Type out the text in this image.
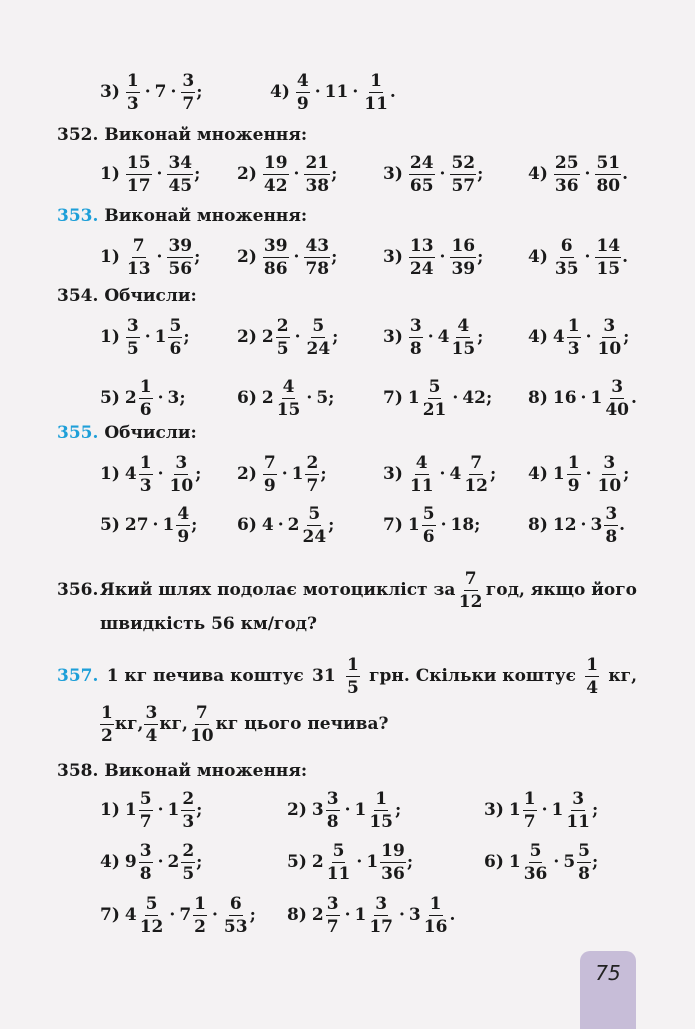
$3) \frac{1}{3} \cdot 7 \cdot \frac{3}{7}$ ;	$4) \frac{4}{9} \cdot 11 \cdot \frac{1}{11}$ .
352. Виконай множення:
$1) \frac{15}{17} \cdot \frac{34}{45}$ ; $2) \frac{19}{42} \cdot \frac{21}{38}$ ;	$3) \frac{24}{65} \cdot \frac{52}{57}$ ;	$4) \frac{25}{36} \cdot \frac{51}{80}$ .
353. Виконай множення:
$1) \frac{7}{13} \cdot \frac{39}{56}$ ; $2) \frac{39}{86} \cdot \frac{43}{78}$ ;	$3) \frac{13}{24} \cdot \frac{16}{39}$ ;	$4) \frac{6}{35} \cdot \frac{14}{15}$ .
354. Обчисли:
$1) \frac{3}{5} \cdot 1 \frac{5}{6}$ ;	2) $2 \frac{2}{5} \cdot \frac{5}{24}$ ;	$3) \frac{3}{8} \cdot 4 \frac{4}{15}$ ;	4) $4 \frac{1}{3} \cdot \frac{3}{10}$ ;
5) $2 \frac{1}{6} \cdot 3$;	6) $2 \frac{4}{15} \cdot 5$;	7) $1 \frac{5}{21} \cdot 42$; 8) $16 \cdot 1 \frac{3}{40}$ .
355. Обчисли:
1) $4 \frac{1}{3} \cdot \frac{3}{10}$ ; $2) \frac{7}{9} \cdot 1 \frac{2}{7}$ ;	$3) \frac{4}{11} \cdot 4 \frac{7}{12}$ ; 4) $1 \frac{1}{9} \cdot \frac{3}{10}$ ;
5) $27 \cdot 1 \frac{4}{9}$ ; 6) $4 \cdot 2 \frac{5}{24}$ ;	7) $1 \frac{5}{6} \cdot 18$;	8) $12 \cdot 3 \frac{3}{8}$ .
356. Який шлях подолає мотоцикліст за $\frac{7}{12}$ год, якщо його
швидкість 56 км/год?
357. 1 кг печива коштує $31 \frac{1}{5}$ грн. Скільки коштує $\frac{1}{4}$ кг,
$\frac{1}{2}$ кг, $\frac{3}{4}$ кг, $\frac{7}{10}$ кг цього печива?
358. Виконай множення:
1) $1 \frac{5}{7} \cdot 1 \frac{2}{3}$ ;	2) $3 \frac{3}{8} \cdot 1 \frac{1}{15}$ ;	3) $1 \frac{1}{7} \cdot 1 \frac{3}{11}$ ;
4) $9 \frac{3}{8} \cdot 2 \frac{2}{5}$ ;	5) $2 \frac{5}{11} \cdot 1 \frac{19}{36}$ ;	6) $1 \frac{5}{36} \cdot 5 \frac{5}{8}$ ;
7) $4 \frac{5}{12} \cdot 7 \frac{1}{2} \cdot \frac{6}{53}$ ; 8) $2 \frac{3}{7} \cdot 1 \frac{3}{17} \cdot 3 \frac{1}{16}$ .
75
